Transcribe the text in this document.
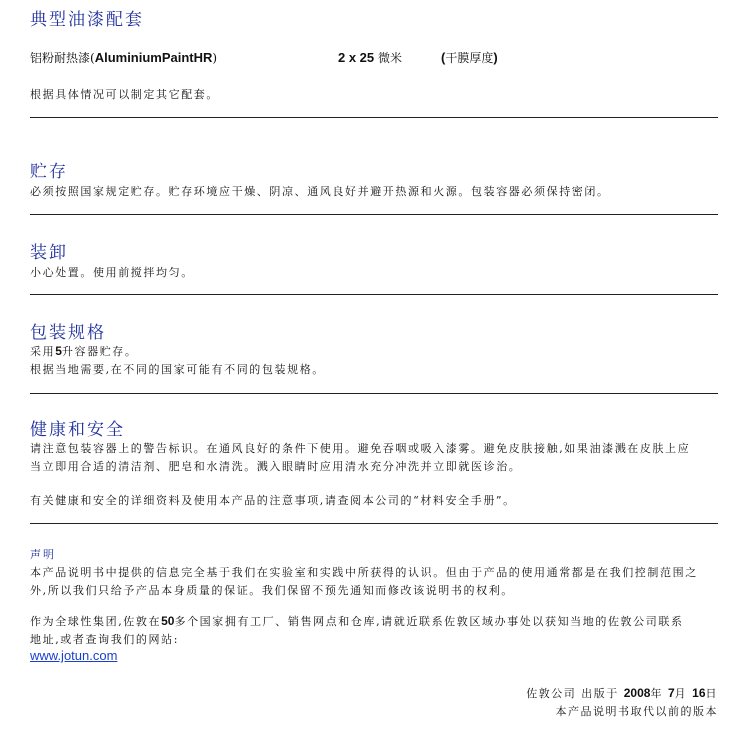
典型油漆配套
铝粉耐热漆(AluminiumPaintHR)	2 x 25 微米	(干膜厚度)
根据具体情况可以制定其它配套。
贮存
必须按照国家规定贮存。贮存环境应干燥、阴凉、通风良好并避开热源和火源。包装容器必须保持密闭。
装卸
小心处置。使用前搅拌均匀。
包装规格
采用5升容器贮存。
根据当地需要,在不同的国家可能有不同的包装规格。
健康和安全
请注意包装容器上的警告标识。在通风良好的条件下使用。避免吞咽或吸入漆雾。避免皮肤接触,如果油漆溅在皮肤上应
当立即用合适的清洁剂、肥皂和水清洗。溅入眼睛时应用清水充分冲洗并立即就医诊治。
有关健康和安全的详细资料及使用本产品的注意事项,请查阅本公司的“材料安全手册”。
声明
本产品说明书中提供的信息完全基于我们在实验室和实践中所获得的认识。但由于产品的使用通常都是在我们控制范围之
外,所以我们只给予产品本身质量的保证。我们保留不预先通知而修改该说明书的权利。
作为全球性集团,佐敦在50多个国家拥有工厂、销售网点和仓库,请就近联系佐敦区域办事处以获知当地的佐敦公司联系
地址,或者查询我们的网站:
www.jotun.com
佐敦公司 出版于 2008年 7月 16日
本产品说明书取代以前的版本
